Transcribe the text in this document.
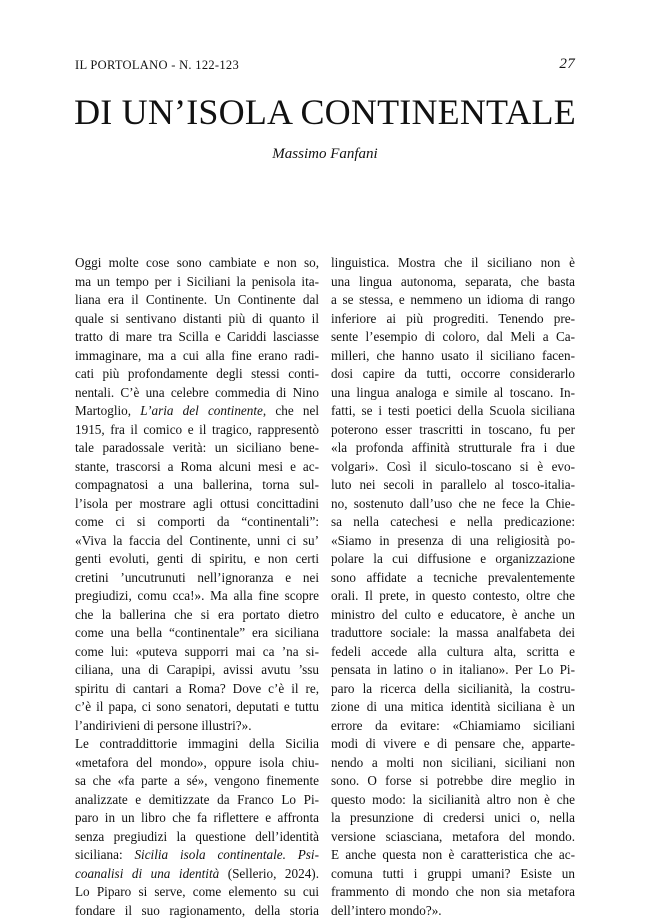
IL PORTOLANO - N. 122-123	27
DI UN’ISOLA CONTINENTALE
Massimo Fanfani
Oggi molte cose sono cambiate e non so,
ma un tempo per i Siciliani la penisola ita-
liana era il Continente. Un Continente dal
quale si sentivano distanti più di quanto il
tratto di mare tra Scilla e Cariddi lasciasse
immaginare, ma a cui alla fine erano radi-
cati più profondamente degli stessi conti-
nentali. C’è una celebre commedia di Nino
Martoglio, L’aria del continente, che nel
1915, fra il comico e il tragico, rappresentò
tale paradossale verità: un siciliano bene-
stante, trascorsi a Roma alcuni mesi e ac-
compagnatosi a una ballerina, torna sul-
l’isola per mostrare agli ottusi concittadini
come ci si comporti da “continentali”:
«Viva la faccia del Continente, unni ci su’
genti evoluti, genti di spiritu, e non certi
cretini ’uncutrunuti nell’ignoranza e nei
pregiudizi, comu cca!». Ma alla fine scopre
che la ballerina che si era portato dietro
come una bella “continentale” era siciliana
come lui: «puteva supporri mai ca ’na si-
ciliana, una di Carapipi, avissi avutu ’ssu
spiritu di cantari a Roma? Dove c’è il re,
c’è il papa, ci sono senatori, deputati e tuttu
l’andirivieni di persone illustri?».
Le contraddittorie immagini della Sicilia
«metafora del mondo», oppure isola chiu-
sa che «fa parte a sé», vengono finemente
analizzate e demitizzate da Franco Lo Pi-
paro in un libro che fa riflettere e affronta
senza pregiudizi la questione dell’identità
siciliana: Sicilia isola continentale. Psi-
coanalisi di una identità (Sellerio, 2024).
Lo Piparo si serve, come elemento su cui
fondare il suo ragionamento, della storia
linguistica. Mostra che il siciliano non è
una lingua autonoma, separata, che basta
a se stessa, e nemmeno un idioma di rango
inferiore ai più progrediti. Tenendo pre-
sente l’esempio di coloro, dal Meli a Ca-
milleri, che hanno usato il siciliano facen-
dosi capire da tutti, occorre considerarlo
una lingua analoga e simile al toscano. In-
fatti, se i testi poetici della Scuola siciliana
poterono esser trascritti in toscano, fu per
«la profonda affinità strutturale fra i due
volgari». Così il siculo-toscano si è evo-
luto nei secoli in parallelo al tosco-italia-
no, sostenuto dall’uso che ne fece la Chie-
sa nella catechesi e nella predicazione:
«Siamo in presenza di una religiosità po-
polare la cui diffusione e organizzazione
sono affidate a tecniche prevalentemente
orali. Il prete, in questo contesto, oltre che
ministro del culto e educatore, è anche un
traduttore sociale: la massa analfabeta dei
fedeli accede alla cultura alta, scritta e
pensata in latino o in italiano». Per Lo Pi-
paro la ricerca della sicilianità, la costru-
zione di una mitica identità siciliana è un
errore da evitare: «Chiamiamo siciliani
modi di vivere e di pensare che, apparte-
nendo a molti non siciliani, siciliani non
sono. O forse si potrebbe dire meglio in
questo modo: la sicilianità altro non è che
la presunzione di credersi unici o, nella
versione sciasciana, metafora del mondo.
E anche questa non è caratteristica che ac-
comuna tutti i gruppi umani? Esiste un
frammento di mondo che non sia metafora
dell’intero mondo?».
